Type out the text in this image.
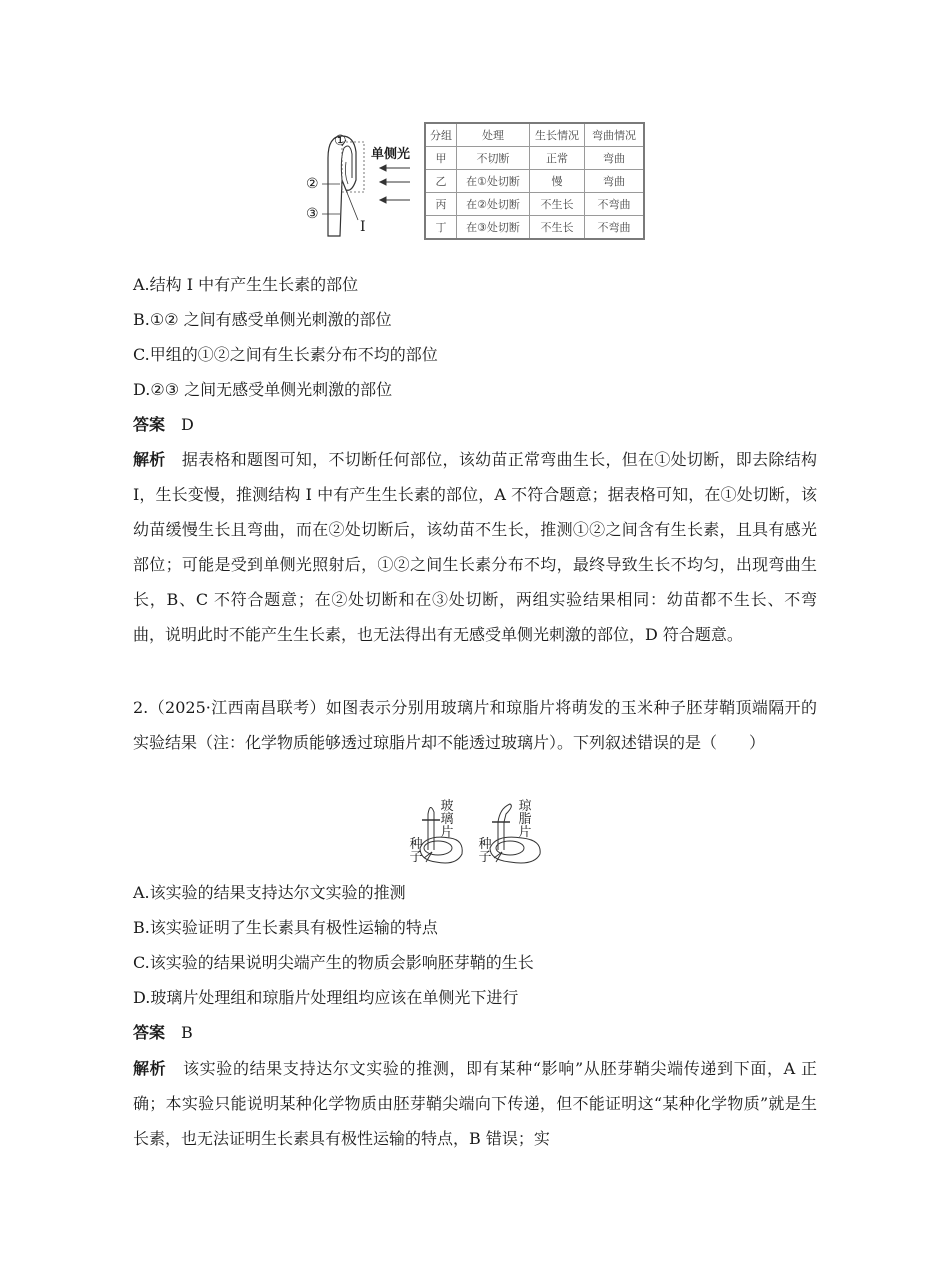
①
②
③
单侧光
I
分组	处理	生长情况	弯曲情况
甲	不切断	正常	弯曲
乙	在①处切断	慢	弯曲
丙	在②处切断	不生长	不弯曲
丁	在③处切断	不生长	不弯曲
A.结构 I 中有产生生长素的部位
B.①② 之间有感受单侧光刺激的部位
C.甲组的①②之间有生长素分布不均的部位
D.②③ 之间无感受单侧光刺激的部位
答案 D
解析 据表格和题图可知，不切断任何部位，该幼苗正常弯曲生长，但在①处切断，即去除结构 I，生长变慢，推测结构 I 中有产生生长素的部位，A 不符合题意；据表格可知，在①处切断，该幼苗缓慢生长且弯曲，而在②处切断后，该幼苗不生长，推测①②之间含有生长素，且具有感光部位；可能是受到单侧光照射后，①②之间生长素分布不均，最终导致生长不均匀，出现弯曲生长，B、C 不符合题意；在②处切断和在③处切断，两组实验结果相同：幼苗都不生长、不弯曲，说明此时不能产生生长素，也无法得出有无感受单侧光刺激的部位，D 符合题意。
2.（2025·江西南昌联考）如图表示分别用玻璃片和琼脂片将萌发的玉米种子胚芽鞘顶端隔开的实验结果（注：化学物质能够透过琼脂片却不能透过玻璃片）。下列叙述错误的是（　　）
种子
玻璃片
种子
琼脂片
A.该实验的结果支持达尔文实验的推测
B.该实验证明了生长素具有极性运输的特点
C.该实验的结果说明尖端产生的物质会影响胚芽鞘的生长
D.玻璃片处理组和琼脂片处理组均应该在单侧光下进行
答案 B
解析 该实验的结果支持达尔文实验的推测，即有某种“影响”从胚芽鞘尖端传递到下面，A 正确；本实验只能说明某种化学物质由胚芽鞘尖端向下传递，但不能证明这“某种化学物质”就是生长素，也无法证明生长素具有极性运输的特点，B 错误；实
